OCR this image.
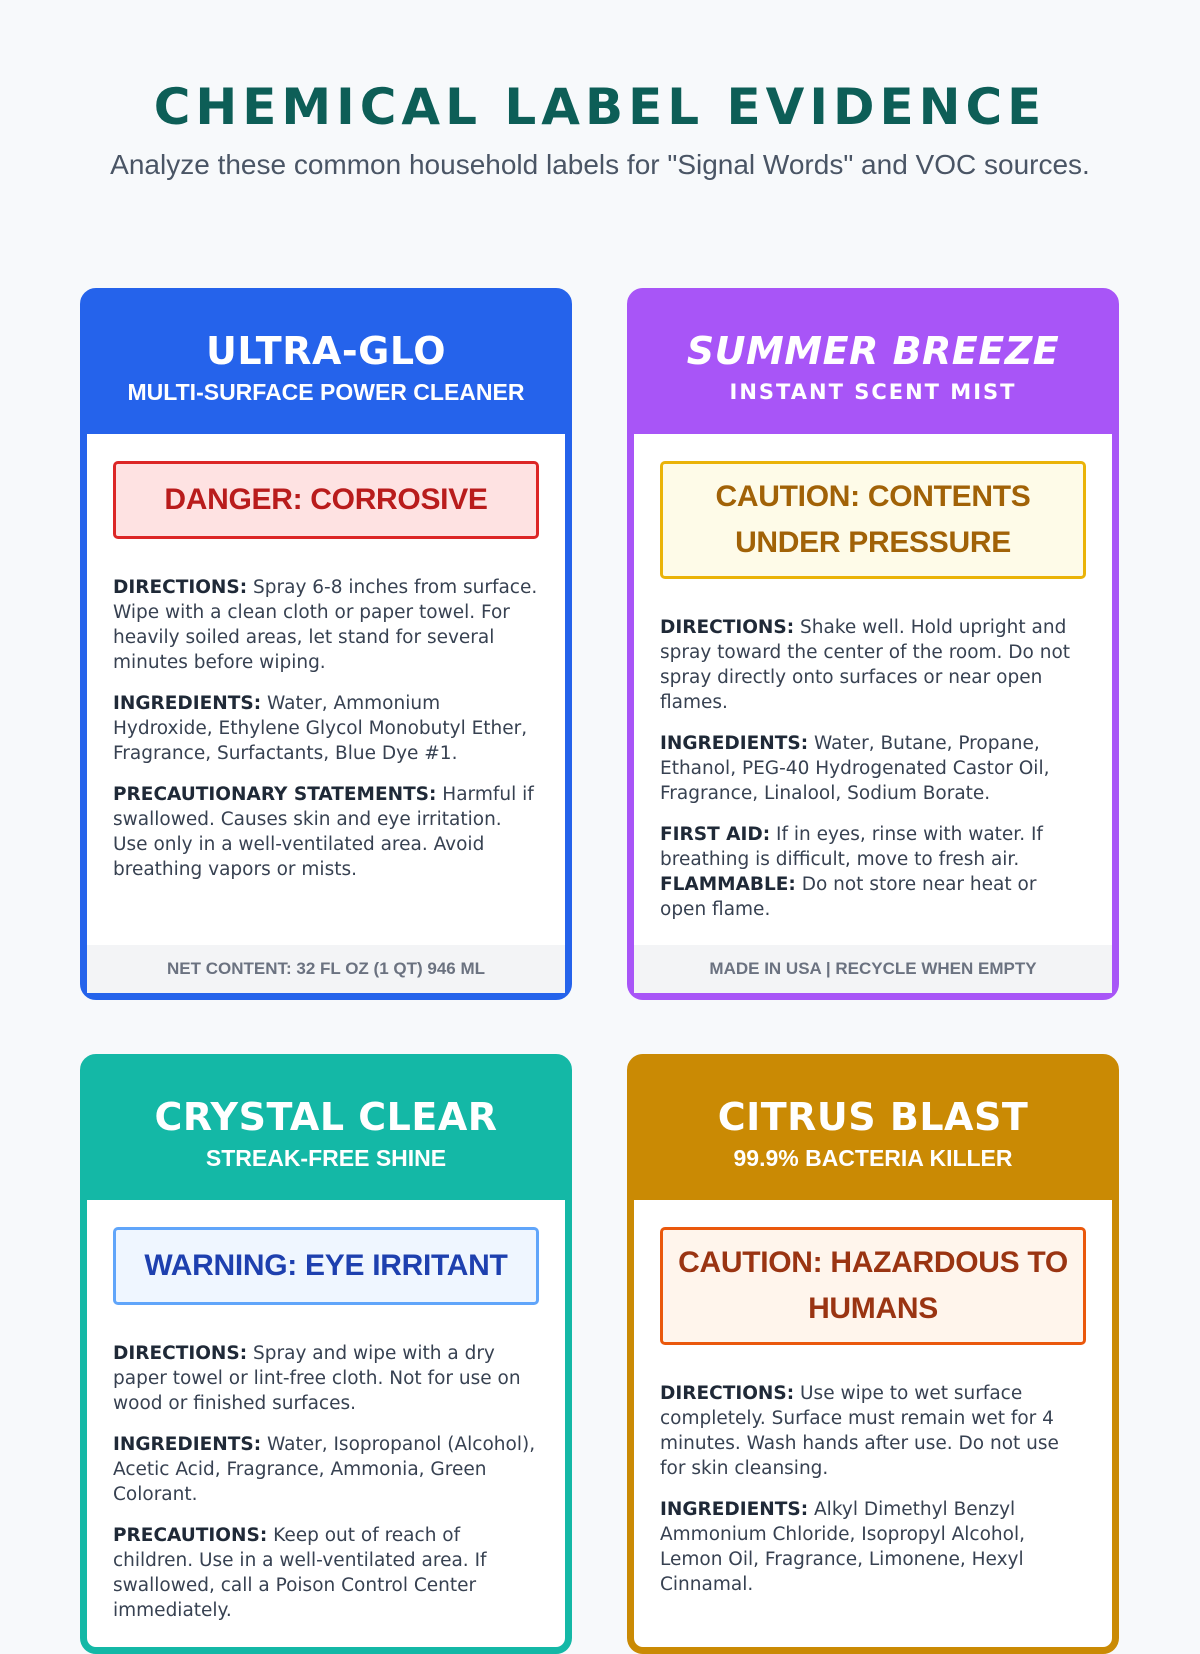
CHEMICAL LABEL EVIDENCE
Analyze these common household labels for "Signal Words" and VOC sources.
ULTRA-GLO
MULTI-SURFACE POWER CLEANER
DANGER: CORROSIVE
DIRECTIONS: Spray 6-8 inches from surface. Wipe with a clean cloth or paper towel. For heavily soiled areas, let stand for several minutes before wiping.
INGREDIENTS: Water, Ammonium Hydroxide, Ethylene Glycol Monobutyl Ether, Fragrance, Surfactants, Blue Dye #1.
PRECAUTIONARY STATEMENTS: Harmful if swallowed. Causes skin and eye irritation. Use only in a well-ventilated area. Avoid breathing vapors or mists.
NET CONTENT: 32 FL OZ (1 QT) 946 ML
SUMMER BREEZE
INSTANT SCENT MIST
CAUTION: CONTENTS UNDER PRESSURE
DIRECTIONS: Shake well. Hold upright and spray toward the center of the room. Do not spray directly onto surfaces or near open flames.
INGREDIENTS: Water, Butane, Propane, Ethanol, PEG-40 Hydrogenated Castor Oil, Fragrance, Linalool, Sodium Borate.
FIRST AID: If in eyes, rinse with water. If breathing is difficult, move to fresh air.
FLAMMABLE: Do not store near heat or open flame.
MADE IN USA | RECYCLE WHEN EMPTY
CRYSTAL CLEAR
STREAK-FREE SHINE
WARNING: EYE IRRITANT
DIRECTIONS: Spray and wipe with a dry paper towel or lint-free cloth. Not for use on wood or finished surfaces.
INGREDIENTS: Water, Isopropanol (Alcohol), Acetic Acid, Fragrance, Ammonia, Green Colorant.
PRECAUTIONS: Keep out of reach of children. Use in a well-ventilated area. If swallowed, call a Poison Control Center immediately.
CITRUS BLAST
99.9% BACTERIA KILLER
CAUTION: HAZARDOUS TO HUMANS
DIRECTIONS: Use wipe to wet surface completely. Surface must remain wet for 4 minutes. Wash hands after use. Do not use for skin cleansing.
INGREDIENTS: Alkyl Dimethyl Benzyl Ammonium Chloride, Isopropyl Alcohol, Lemon Oil, Fragrance, Limonene, Hexyl Cinnamal.
